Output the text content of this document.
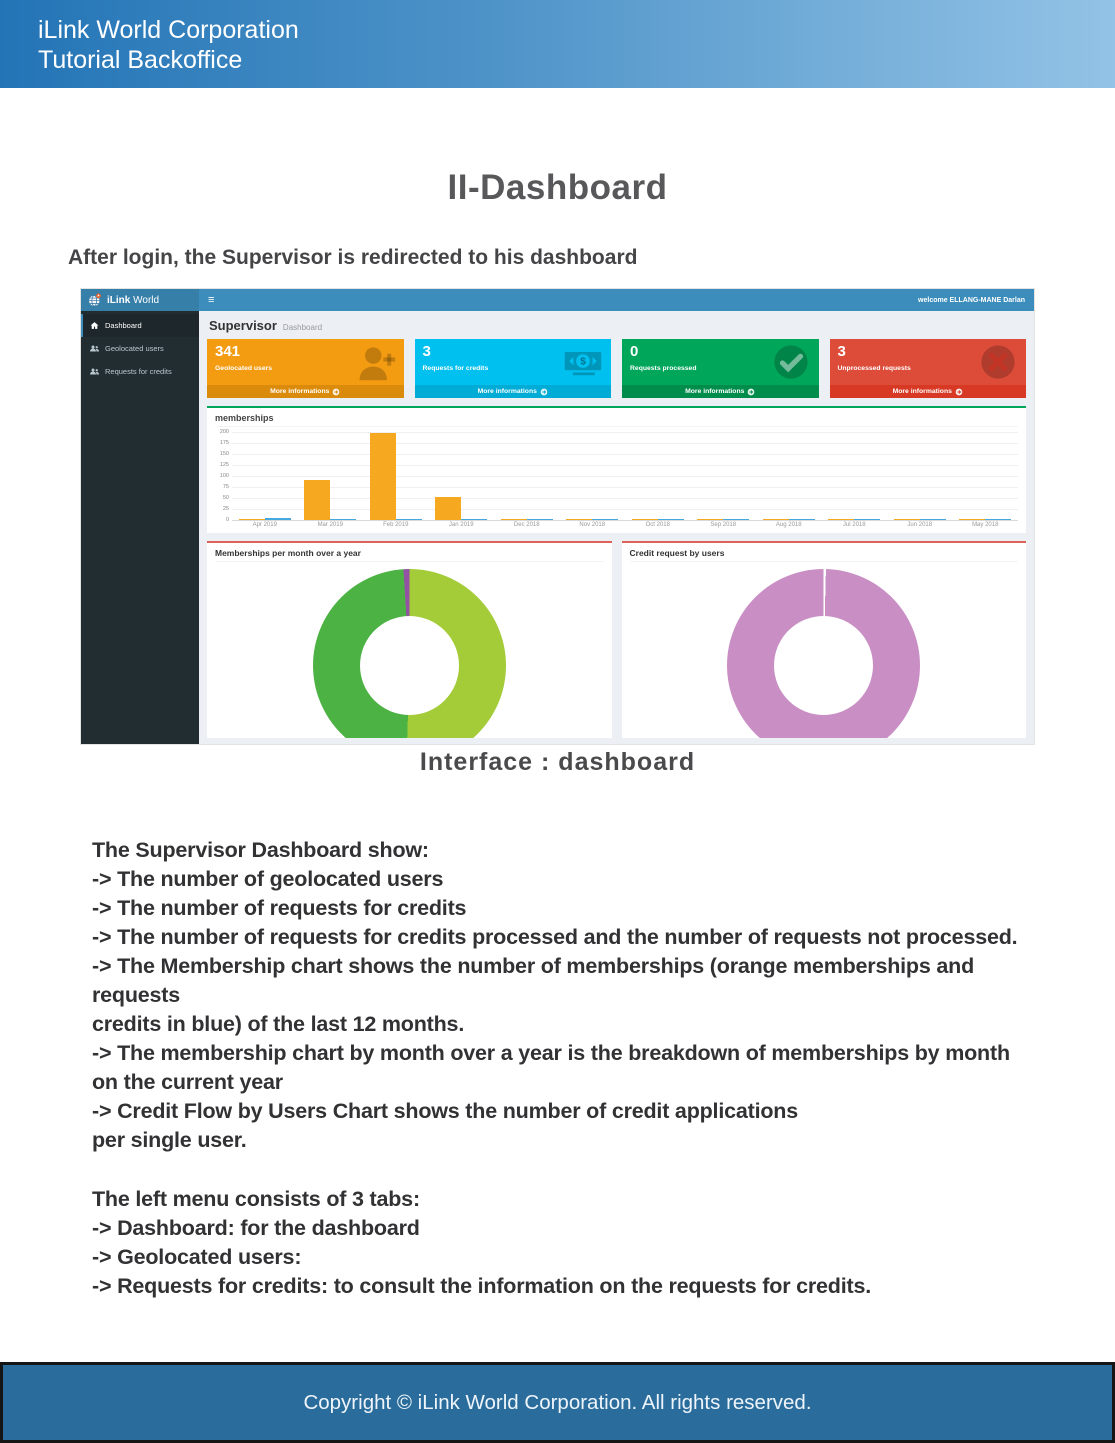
iLink World Corporation
Tutorial Backoffice
II-Dashboard
After login, the Supervisor is redirected to his dashboard
iLink World	≡	welcome ELLANG-MANE Darlan
Dashboard
Geolocated users
Requests for credits
Supervisor Dashboard
341
Geolocated users
More informations
3
Requests for credits
$
More informations
0
Requests processed
More informations
3
Unprocessed requests
More informations
memberships
0
25
50
75
100
125
150
175
200
Apr 2019	Mar 2019	Feb 2019	Jan 2019	Dec 2018	Nov 2018	Oct 2018	Sep 2018	Aug 2018	Jul 2018	Jun 2018	May 2018
Memberships per month over a year	Credit request by users
Interface : dashboard
The Supervisor Dashboard show:
-> The number of geolocated users
-> The number of requests for credits
-> The number of requests for credits processed and the number of requests not processed.
-> The Membership chart shows the number of memberships (orange memberships and requests
credits in blue) of the last 12 months.
-> The membership chart by month over a year is the breakdown of memberships by month
on the current year
-> Credit Flow by Users Chart shows the number of credit applications
per single user.
The left menu consists of 3 tabs:
-> Dashboard: for the dashboard
-> Geolocated users:
-> Requests for credits: to consult the information on the requests for credits.
Copyright © iLink World Corporation. All rights reserved.
